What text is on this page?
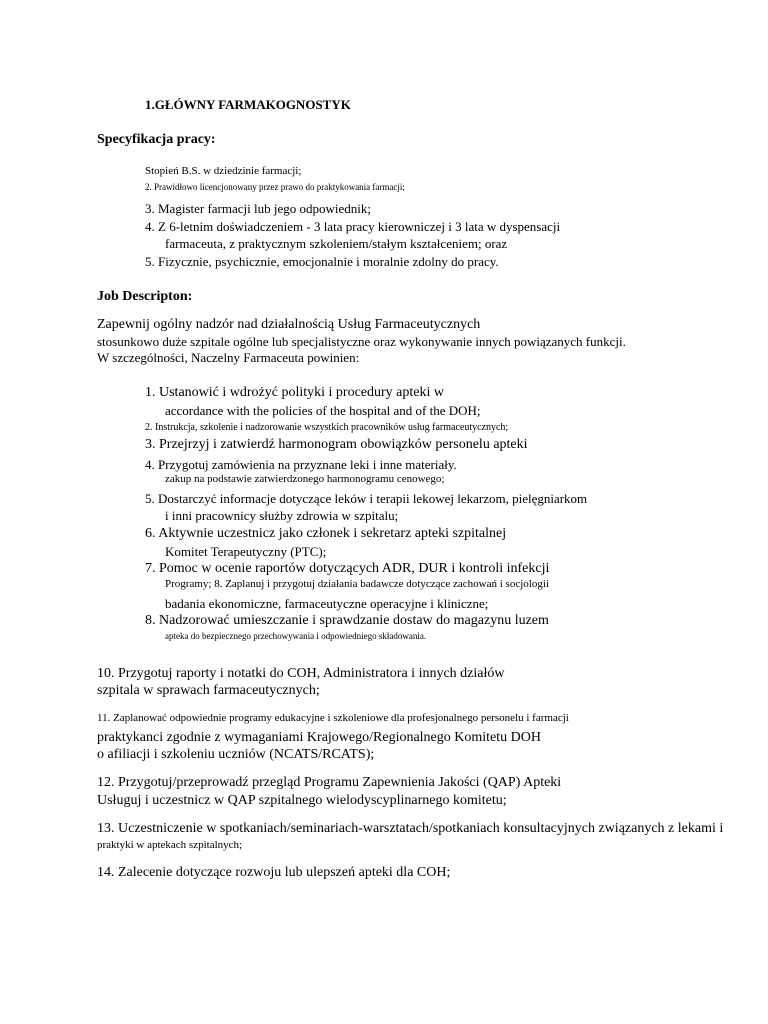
1.GŁÓWNY FARMAKOGNOSTYK
Specyfikacja pracy:
Stopień B.S. w dziedzinie farmacji;
2. Prawidłowo licencjonowany przez prawo do praktykowania farmacji;
3. Magister farmacji lub jego odpowiednik;
4. Z 6-letnim doświadczeniem - 3 lata pracy kierowniczej i 3 lata w dyspensacji
farmaceuta, z praktycznym szkoleniem/stałym kształceniem; oraz
5. Fizycznie, psychicznie, emocjonalnie i moralnie zdolny do pracy.
Job Descripton:
Zapewnij ogólny nadzór nad działalnością Usług Farmaceutycznych
stosunkowo duże szpitale ogólne lub specjalistyczne oraz wykonywanie innych powiązanych funkcji.
W szczególności, Naczelny Farmaceuta powinien:
1. Ustanowić i wdrożyć polityki i procedury apteki w
accordance with the policies of the hospital and of the DOH;
2. Instrukcja, szkolenie i nadzorowanie wszystkich pracowników usług farmaceutycznych;
3. Przejrzyj i zatwierdź harmonogram obowiązków personelu apteki
4. Przygotuj zamówienia na przyznane leki i inne materiały.
zakup na podstawie zatwierdzonego harmonogramu cenowego;
5. Dostarczyć informacje dotyczące leków i terapii lekowej lekarzom, pielęgniarkom
i inni pracownicy służby zdrowia w szpitalu;
6. Aktywnie uczestnicz jako członek i sekretarz apteki szpitalnej
Komitet Terapeutyczny (PTC);
7. Pomoc w ocenie raportów dotyczących ADR, DUR i kontroli infekcji
Programy; 8. Zaplanuj i przygotuj działania badawcze dotyczące zachowań i socjologii
badania ekonomiczne, farmaceutyczne operacyjne i kliniczne;
8. Nadzorować umieszczanie i sprawdzanie dostaw do magazynu luzem
apteka do bezpiecznego przechowywania i odpowiedniego składowania.
10. Przygotuj raporty i notatki do COH, Administratora i innych działów
szpitala w sprawach farmaceutycznych;
11. Zaplanować odpowiednie programy edukacyjne i szkoleniowe dla profesjonalnego personelu i farmacji
praktykanci zgodnie z wymaganiami Krajowego/Regionalnego Komitetu DOH
o afiliacji i szkoleniu uczniów (NCATS/RCATS);
12. Przygotuj/przeprowadź przegląd Programu Zapewnienia Jakości (QAP) Apteki
Usługuj i uczestnicz w QAP szpitalnego wielodyscyplinarnego komitetu;
13. Uczestniczenie w spotkaniach/seminariach-warsztatach/spotkaniach konsultacyjnych związanych z lekami i
praktyki w aptekach szpitalnych;
14. Zalecenie dotyczące rozwoju lub ulepszeń apteki dla COH;
